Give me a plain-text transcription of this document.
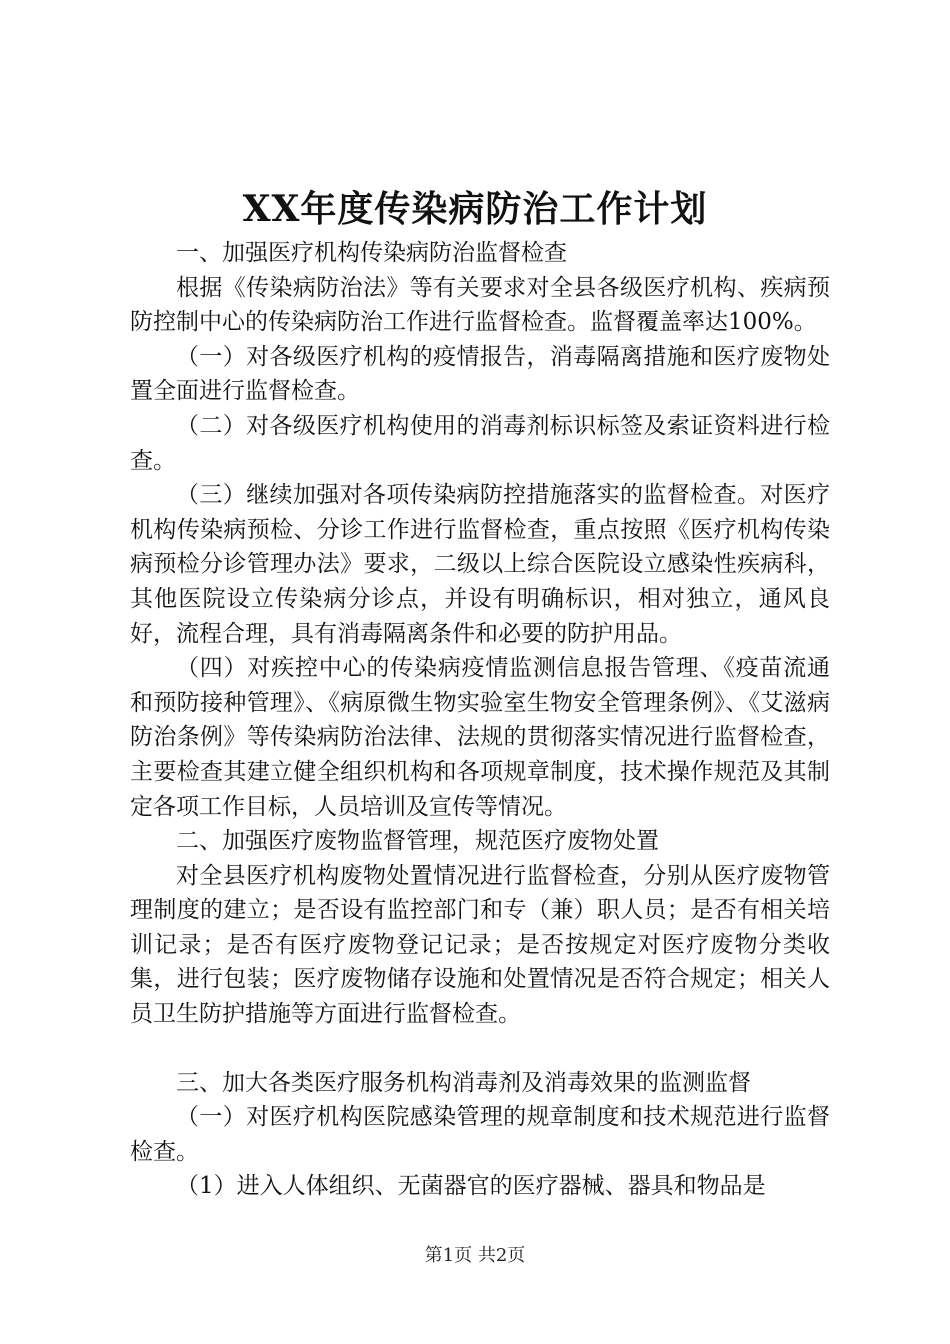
XX年度传染病防治工作计划

一、加强医疗机构传染病防治监督检查

根据《传染病防治法》等有关要求对全县各级医疗机构、疾病预防控制中心的传染病防治工作进行监督检查。监督覆盖率达100%。

（一）对各级医疗机构的疫情报告，消毒隔离措施和医疗废物处置全面进行监督检查。

（二）对各级医疗机构使用的消毒剂标识标签及索证资料进行检查。

（三）继续加强对各项传染病防控措施落实的监督检查。对医疗机构传染病预检、分诊工作进行监督检查，重点按照《医疗机构传染病预检分诊管理办法》要求，二级以上综合医院设立感染性疾病科，其他医院设立传染病分诊点，并设有明确标识，相对独立，通风良好，流程合理，具有消毒隔离条件和必要的防护用品。

（四）对疾控中心的传染病疫情监测信息报告管理、《疫苗流通和预防接种管理》、《病原微生物实验室生物安全管理条例》、《艾滋病防治条例》等传染病防治法律、法规的贯彻落实情况进行监督检查，主要检查其建立健全组织机构和各项规章制度，技术操作规范及其制定各项工作目标，人员培训及宣传等情况。

二、加强医疗废物监督管理，规范医疗废物处置

对全县医疗机构废物处置情况进行监督检查，分别从医疗废物管理制度的建立；是否设有监控部门和专（兼）职人员；是否有相关培训记录；是否有医疗废物登记记录；是否按规定对医疗废物分类收集，进行包装；医疗废物储存设施和处置情况是否符合规定；相关人员卫生防护措施等方面进行监督检查。

三、加大各类医疗服务机构消毒剂及消毒效果的监测监督

（一）对医疗机构医院感染管理的规章制度和技术规范进行监督检查。

（1）进入人体组织、无菌器官的医疗器械、器具和物品是

第1页 共2页
